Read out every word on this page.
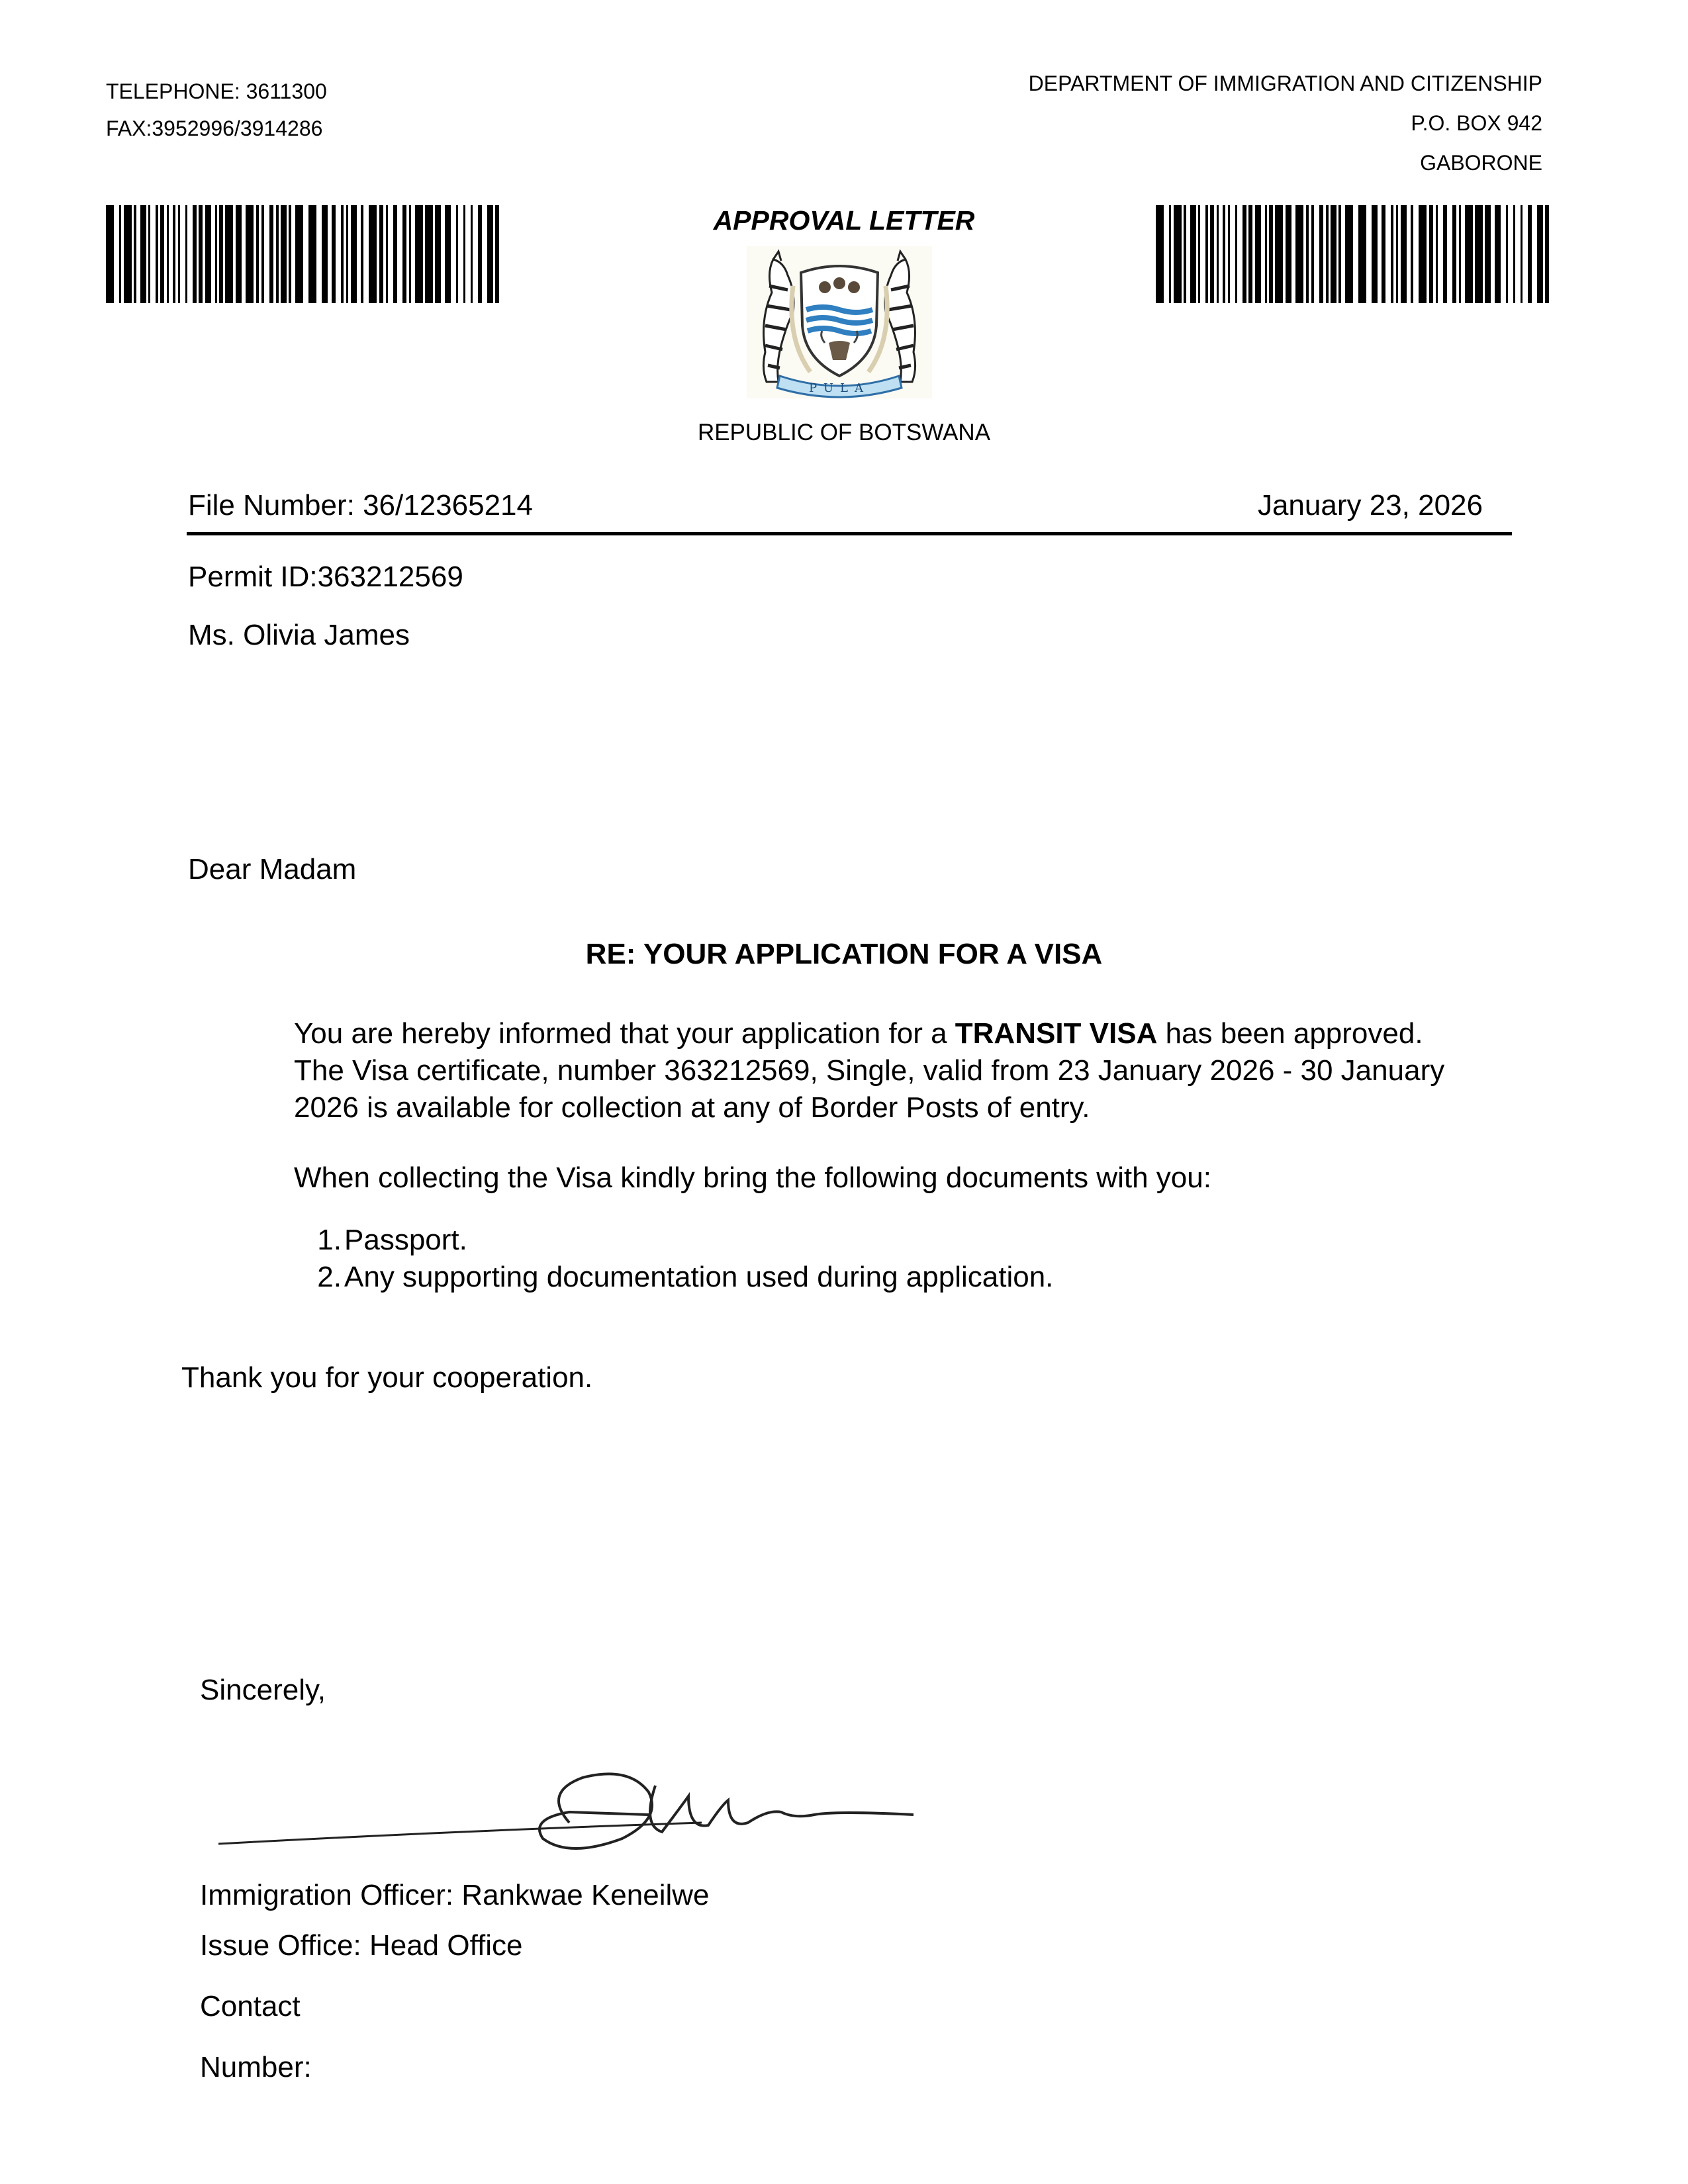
TELEPHONE: 3611300
FAX:3952996/3914286
DEPARTMENT OF IMMIGRATION AND CITIZENSHIP
P.O. BOX 942
GABORONE
APPROVAL LETTER
PULA
REPUBLIC OF BOTSWANA
File Number: 36/12365214	January 23, 2026
Permit ID:363212569
Ms. Olivia James
Dear Madam
RE: YOUR APPLICATION FOR A VISA
You are hereby informed that your application for a TRANSIT VISA has been approved.
The Visa certificate, number 363212569, Single, valid from 23 January 2026 - 30 January
2026 is available for collection at any of Border Posts of entry.
When collecting the Visa kindly bring the following documents with you:
1.Passport.
2.Any supporting documentation used during application.
Thank you for your cooperation.
Sincerely,
Immigration Officer: Rankwae Keneilwe
Issue Office: Head Office
Contact
Number:
